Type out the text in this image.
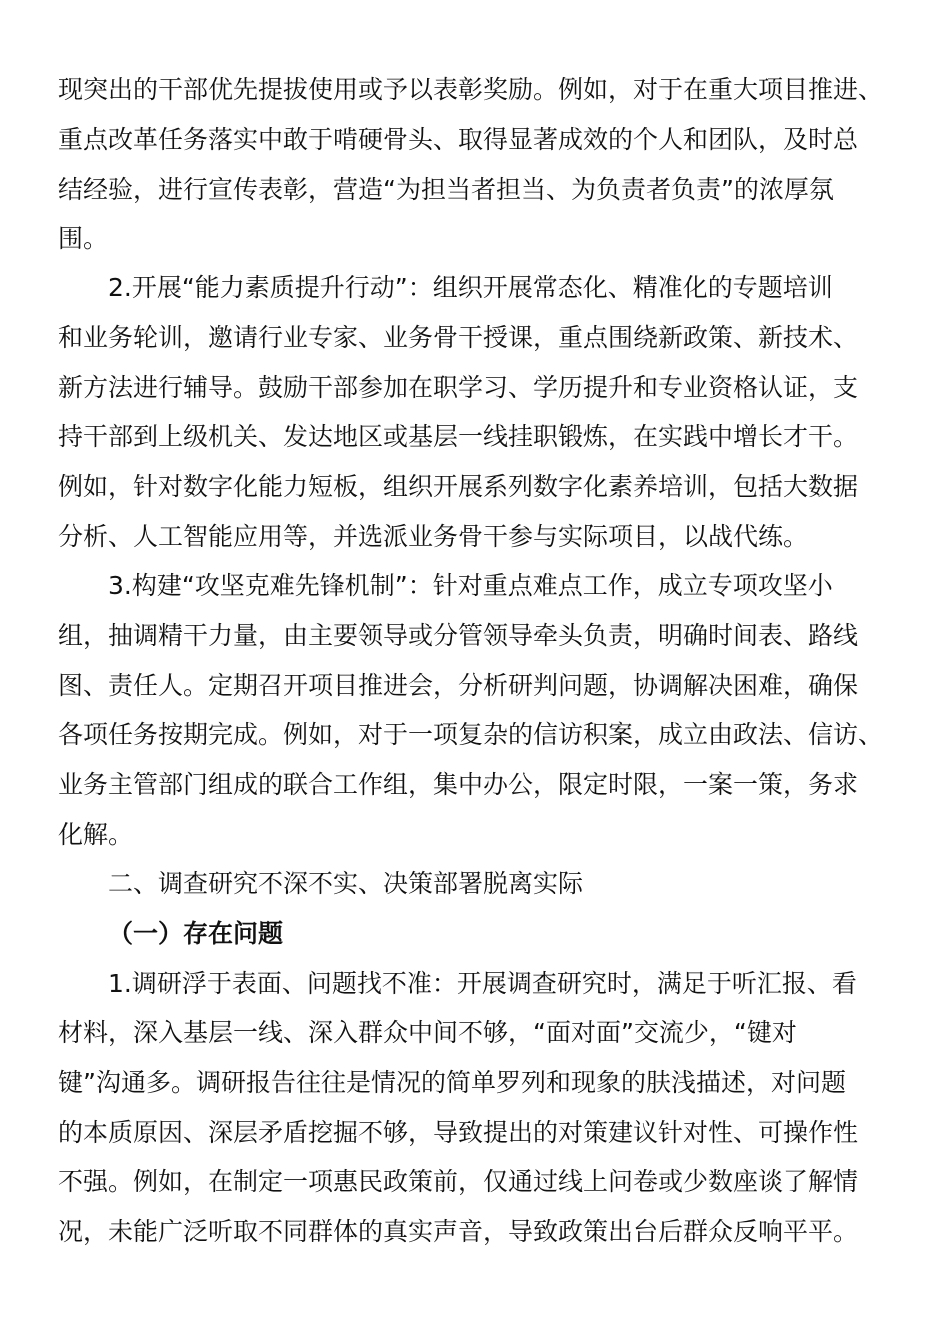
现突出的干部优先提拔使用或予以表彰奖励。例如，对于在重大项目推进、
重点改革任务落实中敢于啃硬骨头、取得显著成效的个人和团队，及时总
结经验，进行宣传表彰，营造“为担当者担当、为负责者负责”的浓厚氛
围。
2.开展“能力素质提升行动”：组织开展常态化、精准化的专题培训
和业务轮训，邀请行业专家、业务骨干授课，重点围绕新政策、新技术、
新方法进行辅导。鼓励干部参加在职学习、学历提升和专业资格认证，支
持干部到上级机关、发达地区或基层一线挂职锻炼，在实践中增长才干。
例如，针对数字化能力短板，组织开展系列数字化素养培训，包括大数据
分析、人工智能应用等，并选派业务骨干参与实际项目，以战代练。
3.构建“攻坚克难先锋机制”：针对重点难点工作，成立专项攻坚小
组，抽调精干力量，由主要领导或分管领导牵头负责，明确时间表、路线
图、责任人。定期召开项目推进会，分析研判问题，协调解决困难，确保
各项任务按期完成。例如，对于一项复杂的信访积案，成立由政法、信访、
业务主管部门组成的联合工作组，集中办公，限定时限，一案一策，务求
化解。
二、调查研究不深不实、决策部署脱离实际
（一）存在问题
1.调研浮于表面、问题找不准：开展调查研究时，满足于听汇报、看
材料，深入基层一线、深入群众中间不够，“面对面”交流少，“键对
键”沟通多。调研报告往往是情况的简单罗列和现象的肤浅描述，对问题
的本质原因、深层矛盾挖掘不够，导致提出的对策建议针对性、可操作性
不强。例如，在制定一项惠民政策前，仅通过线上问卷或少数座谈了解情
况，未能广泛听取不同群体的真实声音，导致政策出台后群众反响平平。
